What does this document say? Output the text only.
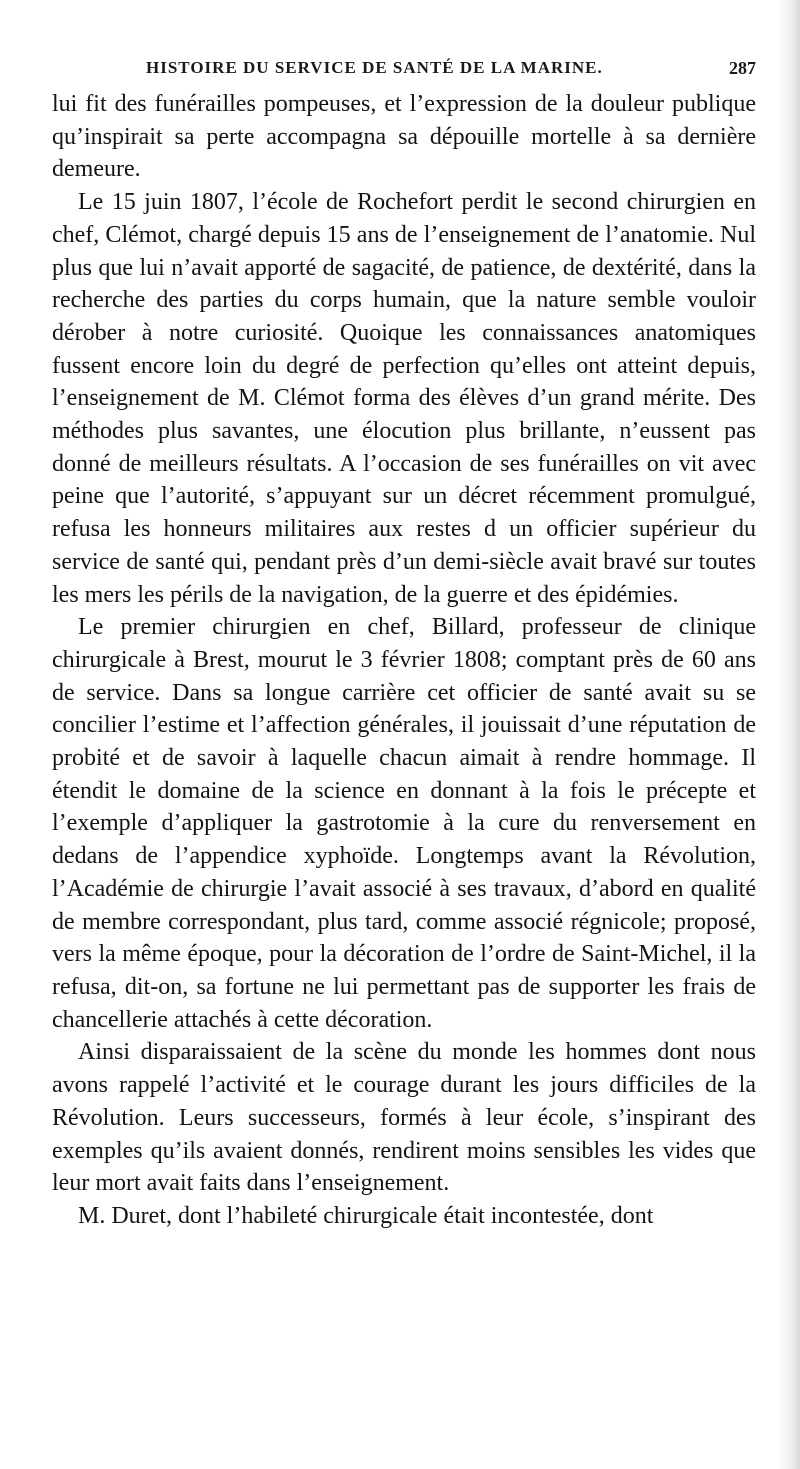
HISTOIRE DU SERVICE DE SANTÉ DE LA MARINE.	287

lui fit des funérailles pompeuses, et l’expression de la douleur publique qu’inspirait sa perte accompagna sa dépouille mortelle à sa dernière demeure.

Le 15 juin 1807, l’école de Rochefort perdit le second chirurgien en chef, Clémot, chargé depuis 15 ans de l’enseignement de l’anatomie. Nul plus que lui n’avait apporté de sagacité, de patience, de dextérité, dans la recherche des parties du corps humain, que la nature semble vouloir dérober à notre curiosité. Quoique les connaissances anatomiques fussent encore loin du degré de perfection qu’elles ont atteint depuis, l’enseignement de M. Clémot forma des élèves d’un grand mérite. Des méthodes plus savantes, une élocution plus brillante, n’eussent pas donné de meilleurs résultats. A l’occasion de ses funérailles on vit avec peine que l’autorité, s’appuyant sur un décret récemment promulgué, refusa les honneurs militaires aux restes d un officier supérieur du service de santé qui, pendant près d’un demi-siècle avait bravé sur toutes les mers les périls de la navigation, de la guerre et des épidémies.

Le premier chirurgien en chef, Billard, professeur de clinique chirurgicale à Brest, mourut le 3 février 1808; comptant près de 60 ans de service. Dans sa longue carrière cet officier de santé avait su se concilier l’estime et l’affection générales, il jouissait d’une réputation de probité et de savoir à laquelle chacun aimait à rendre hommage. Il étendit le domaine de la science en donnant à la fois le précepte et l’exemple d’appliquer la gastrotomie à la cure du renversement en dedans de l’appendice xyphoïde. Longtemps avant la Révolution, l’Académie de chirurgie l’avait associé à ses travaux, d’abord en qualité de membre correspondant, plus tard, comme associé régnicole; proposé, vers la même époque, pour la décoration de l’ordre de Saint-Michel, il la refusa, dit-on, sa fortune ne lui permettant pas de supporter les frais de chancellerie attachés à cette décoration.

Ainsi disparaissaient de la scène du monde les hommes dont nous avons rappelé l’activité et le courage durant les jours difficiles de la Révolution. Leurs successeurs, formés à leur école, s’inspirant des exemples qu’ils avaient donnés, rendirent moins sensibles les vides que leur mort avait faits dans l’enseignement.

M. Duret, dont l’habileté chirurgicale était incontestée, dont
